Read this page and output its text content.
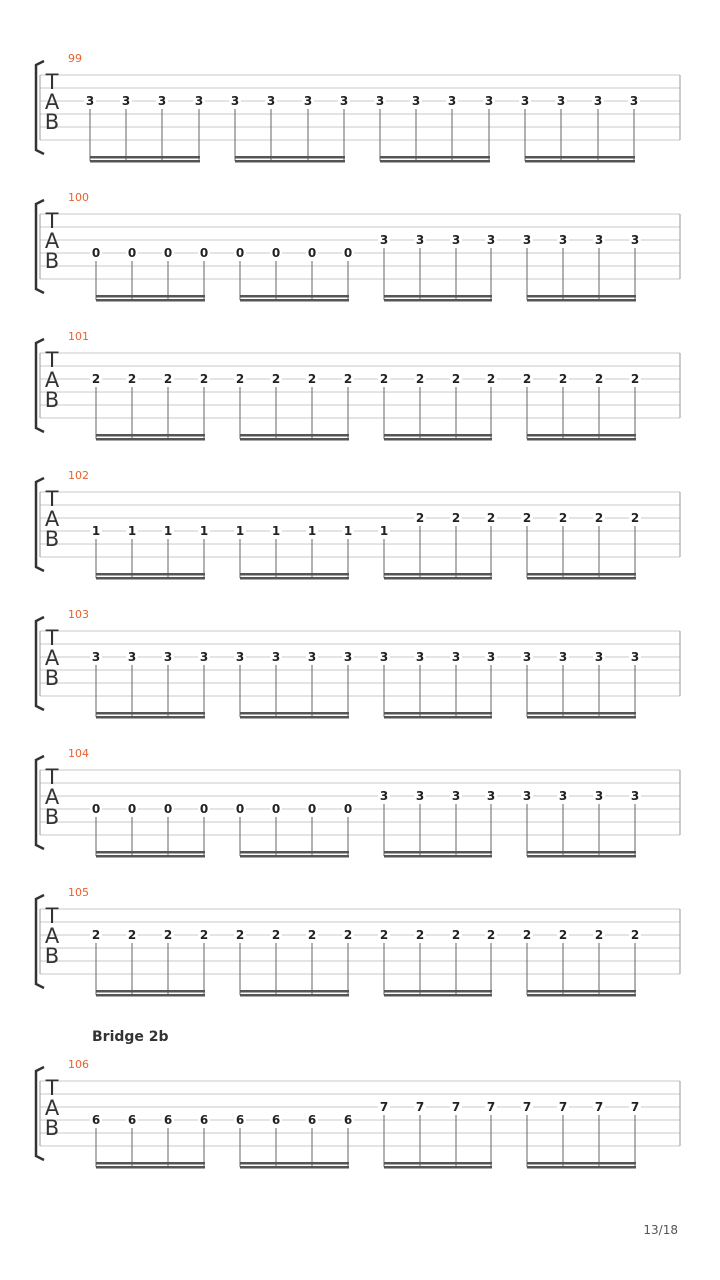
99
T
A
B
3 3 3 3 3 3 3 3 3 3 3 3 3 3 3 3
100
T
A
B	0 0 0 0 0 0 0 0
3 3 3 3 3 3 3 3
101
T
A
B
2 2 2 2 2 2 2 2 2 2 2 2 2 2 2 2
102
T
A
B	1 1 1 1 1 1 1 1 1
2 2 2 2 2 2 2
103
T
A
B
3 3 3 3 3 3 3 3 3 3 3 3 3 3 3 3
104
T
A
B	0 0 0 0 0 0 0 0
3 3 3 3 3 3 3 3
105
T
A
B
2 2 2 2 2 2 2 2 2 2 2 2 2 2 2 2
Bridge 2b
106
T
A
B	6 6 6 6 6 6 6 6
7 7 7 7 7 7 7 7
13/18
